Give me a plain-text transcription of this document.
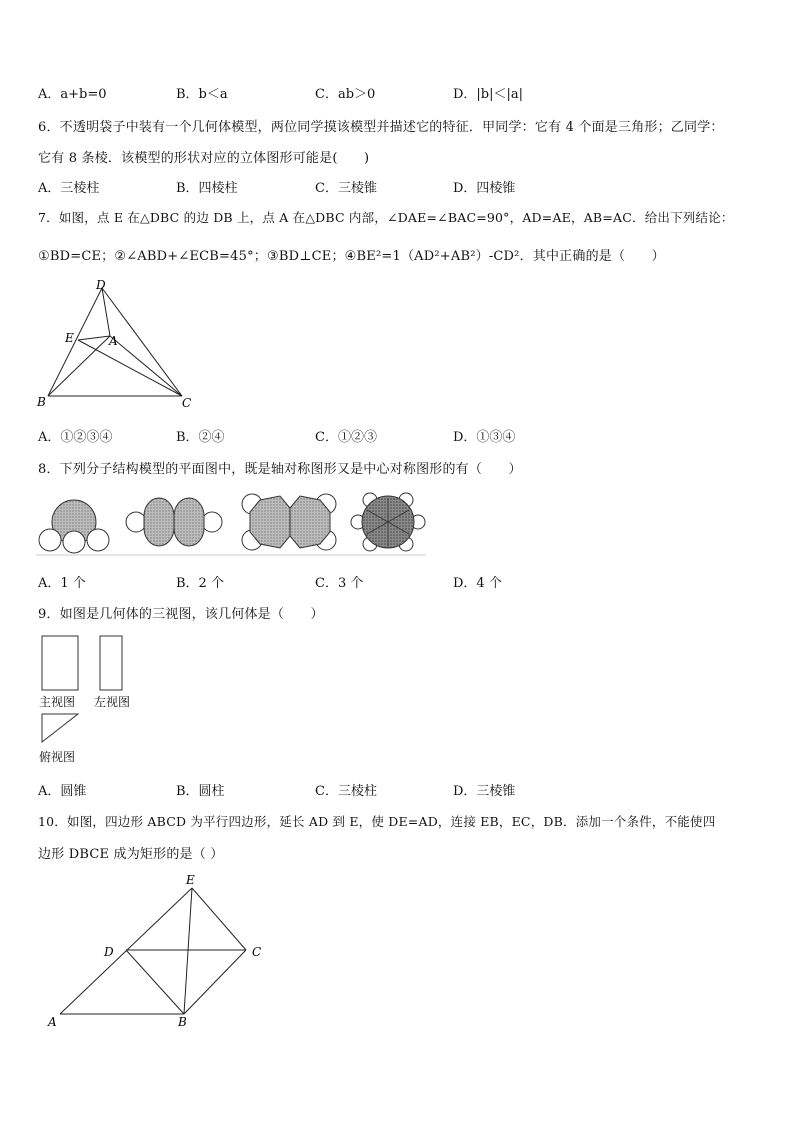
A．a+b=0	B．b＜a	C．ab＞0	D．|b|＜|a|
6．不透明袋子中装有一个几何体模型，两位同学摸该模型并描述它的特征．甲同学：它有 4 个面是三角形；乙同学：
它有 8 条棱．该模型的形状对应的立体图形可能是(　　)
A．三棱柱	B．四棱柱	C．三棱锥	D．四棱锥
7．如图，点 E 在△DBC 的边 DB 上，点 A 在△DBC 内部，∠DAE=∠BAC=90°，AD=AE，AB=AC．给出下列结论：
①BD=CE；②∠ABD+∠ECB=45°；③BD⊥CE；④BE²=1（AD²+AB²）-CD²．其中正确的是（　　）
D
E	A
B	C
A．①②③④	B．②④	C．①②③	D．①③④
8．下列分子结构模型的平面图中，既是轴对称图形又是中心对称图形的有（　　）
A．1 个	B．2 个	C．3 个	D．4 个
9．如图是几何体的三视图，该几何体是（　　）
主视图 左视图
俯视图
A．圆锥	B．圆柱	C．三棱柱	D．三棱锥
10．如图，四边形 ABCD 为平行四边形，延长 AD 到 E，使 DE=AD，连接 EB，EC，DB．添加一个条件，不能使四
边形 DBCE 成为矩形的是（ ）
E
D	C
A	B
